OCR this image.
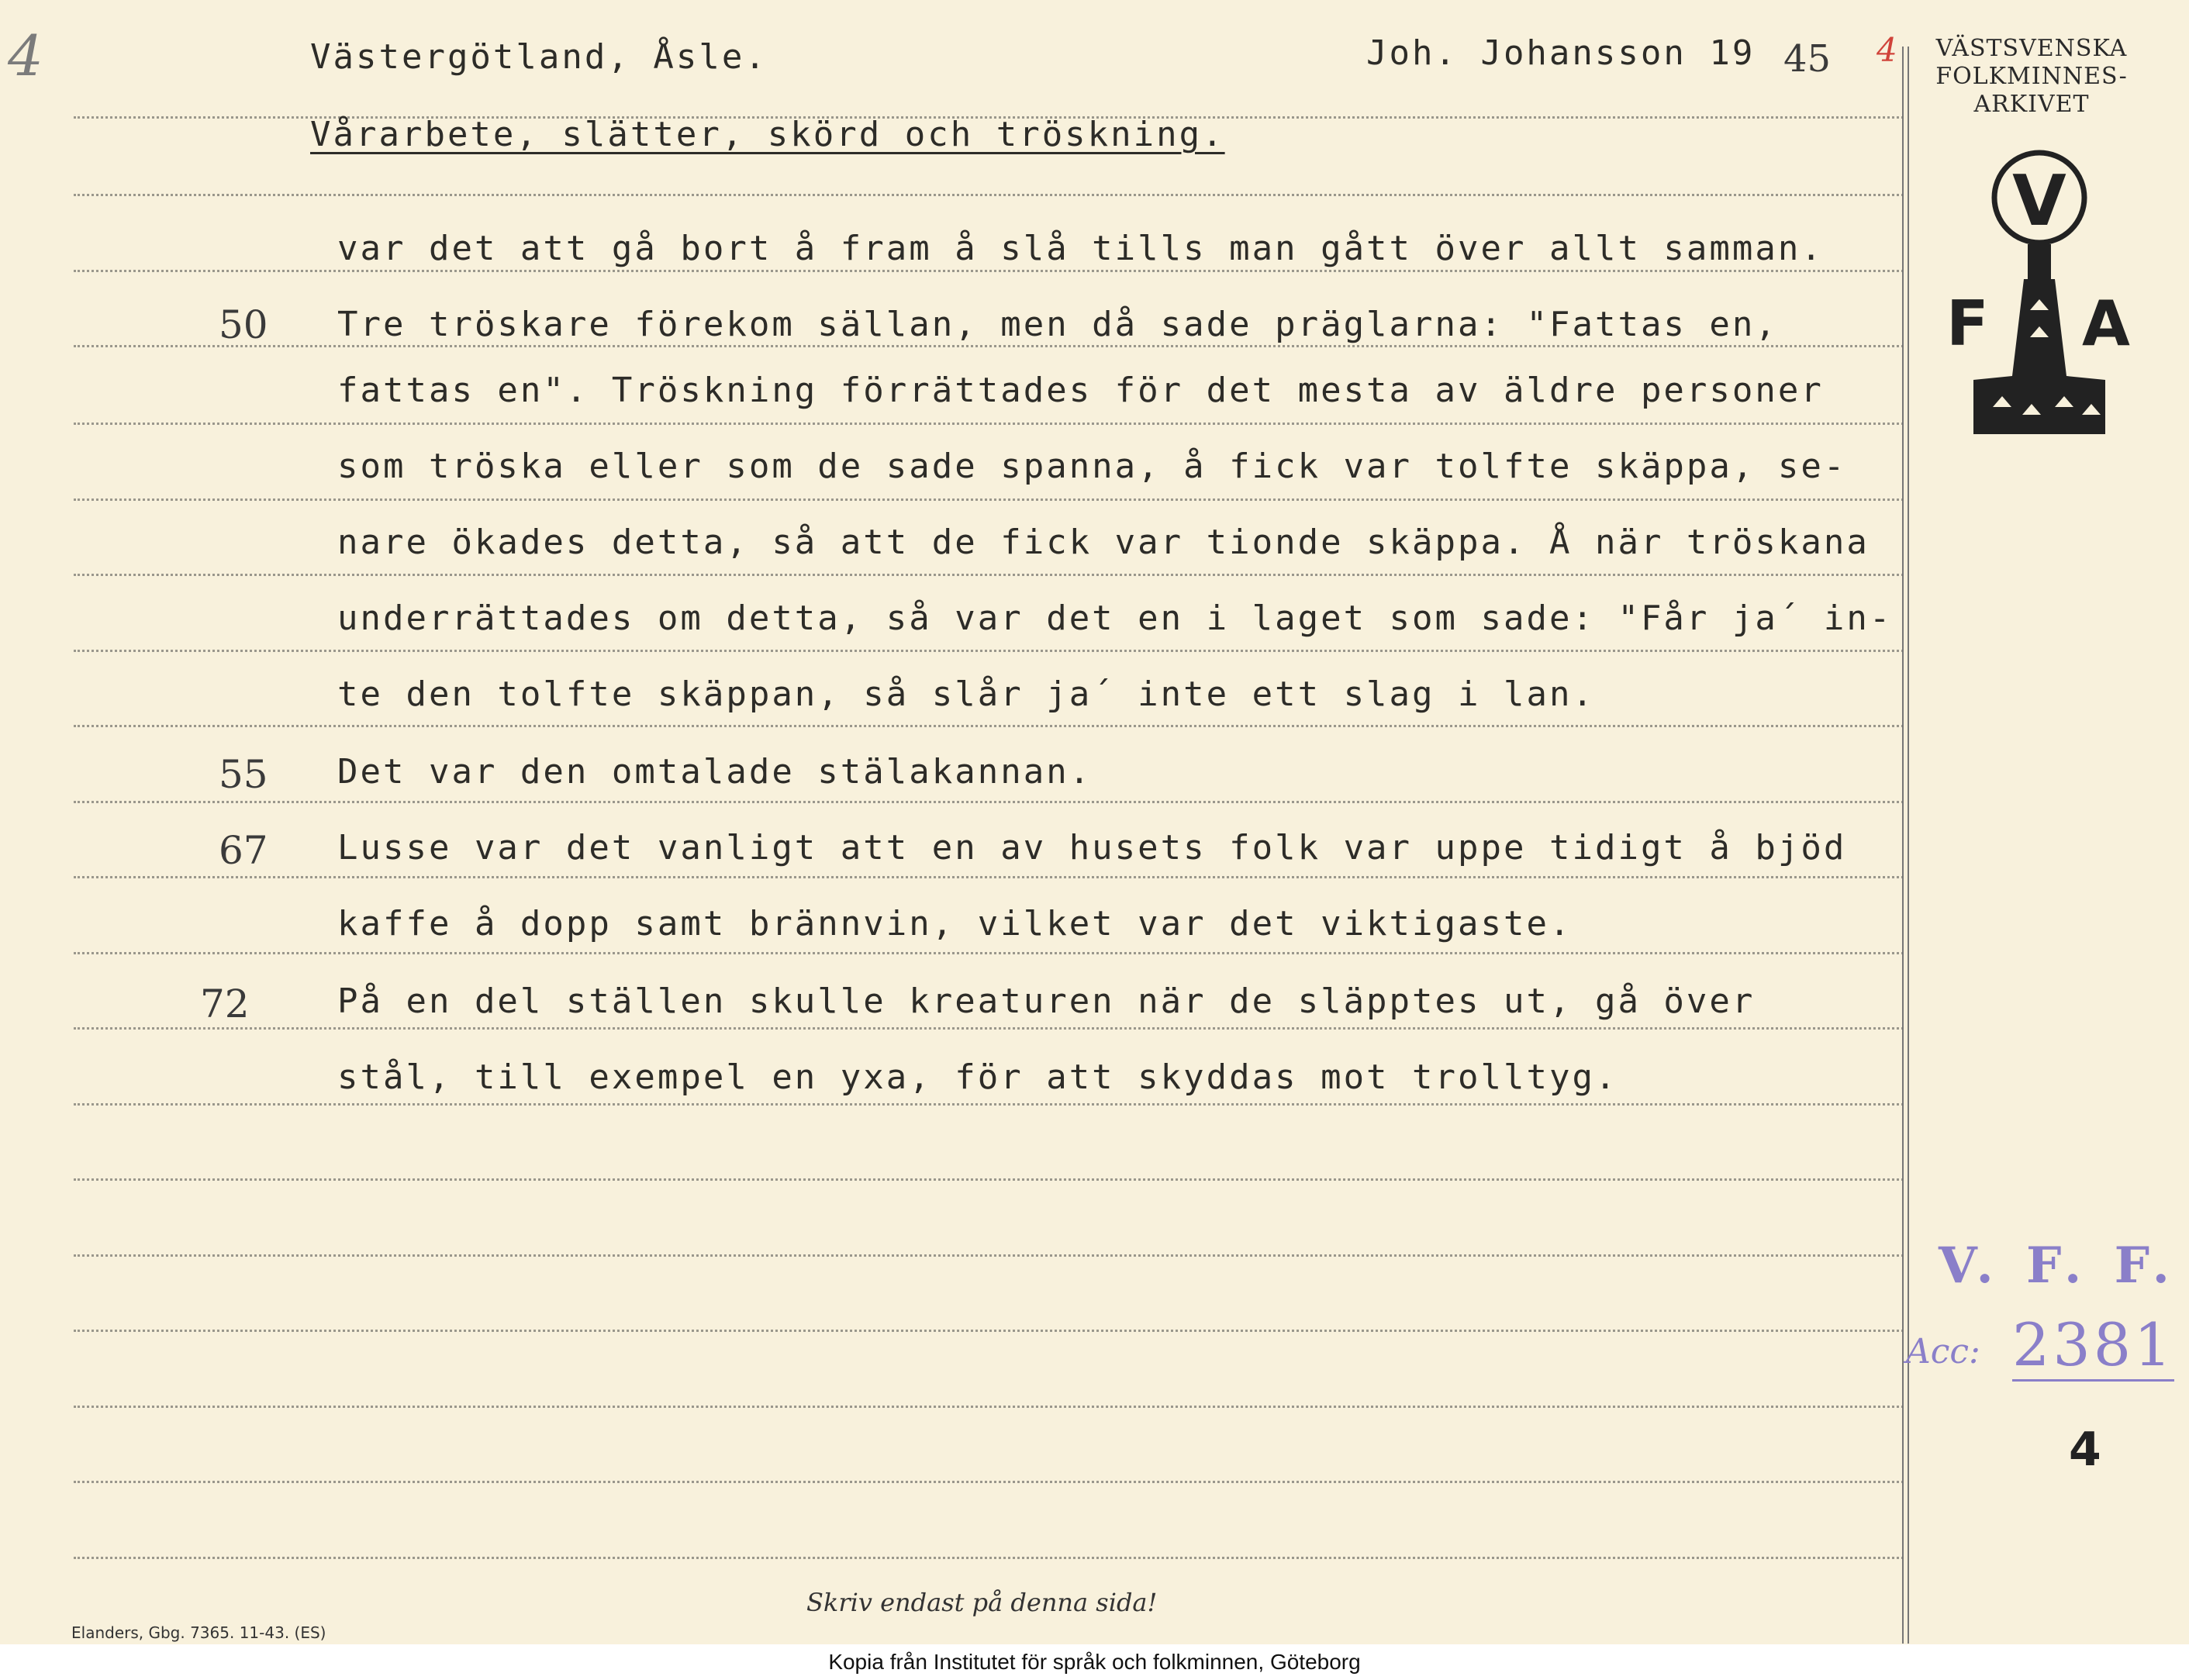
4	Västergötland, Åsle.	Joh. Johansson 19 45 4
Vårarbete, slätter, skörd och tröskning.
var det att gå bort å fram å slå tills man gått över allt samman.
50 Tre tröskare förekom sällan, men då sade präglarna: "Fattas en,
fattas en". Tröskning förrättades för det mesta av äldre personer
som tröska eller som de sade spanna, å fick var tolfte skäppa, se-
nare ökades detta, så att de fick var tionde skäppa. Å när tröskana
underrättades om detta, så var det en i laget som sade: "Får ja´ in-
te den tolfte skäppan, så slår ja´ inte ett slag i lan.
55 Det var den omtalade stälakannan.
67 Lusse var det vanligt att en av husets folk var uppe tidigt å bjöd
kaffe å dopp samt brännvin, vilket var det viktigaste.
72	På en del ställen skulle kreaturen när de släpptes ut, gå över
stål, till exempel en yxa, för att skyddas mot trolltyg.
VÄSTSVENSKA
FOLKMINNES-
ARKIVET
V
F A
V. F. F.
Acc: 2381
4
Skriv endast på denna sida!
Elanders, Gbg. 7365. 11-43. (ES)
Kopia från Institutet för språk och folkminnen, Göteborg
